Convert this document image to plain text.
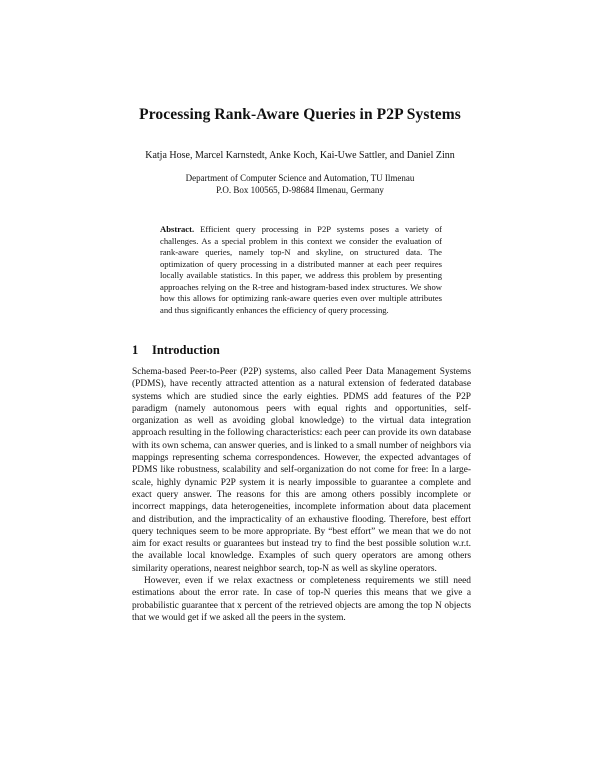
Processing Rank-Aware Queries in P2P Systems
Katja Hose, Marcel Karnstedt, Anke Koch, Kai-Uwe Sattler, and Daniel Zinn
Department of Computer Science and Automation, TU Ilmenau
P.O. Box 100565, D-98684 Ilmenau, Germany
Abstract. Efficient query processing in P2P systems poses a variety of challenges. As a special problem in this context we consider the evaluation of rank-aware queries, namely top-N and skyline, on structured data. The optimization of query processing in a distributed manner at each peer requires locally available statistics. In this paper, we address this problem by presenting approaches relying on the R-tree and histogram-based index structures. We show how this allows for optimizing rank-aware queries even over multiple attributes and thus significantly enhances the efficiency of query processing.
1 Introduction

Schema-based Peer-to-Peer (P2P) systems, also called Peer Data Management Systems (PDMS), have recently attracted attention as a natural extension of federated database systems which are studied since the early eighties. PDMS add features of the P2P paradigm (namely autonomous peers with equal rights and opportunities, self-organization as well as avoiding global knowledge) to the virtual data integration approach resulting in the following characteristics: each peer can provide its own database with its own schema, can answer queries, and is linked to a small number of neighbors via mappings representing schema correspondences. However, the expected advantages of PDMS like robustness, scalability and self-organization do not come for free: In a large-scale, highly dynamic P2P system it is nearly impossible to guarantee a complete and exact query answer. The reasons for this are among others possibly incomplete or incorrect mappings, data heterogeneities, incomplete information about data placement and distribution, and the impracticality of an exhaustive flooding. Therefore, best effort query techniques seem to be more appropriate. By “best effort” we mean that we do not aim for exact results or guarantees but instead try to find the best possible solution w.r.t. the available local knowledge. Examples of such query operators are among others similarity operations, nearest neighbor search, top-N as well as skyline operators.

However, even if we relax exactness or completeness requirements we still need estimations about the error rate. In case of top-N queries this means that we give a probabilistic guarantee that x percent of the retrieved objects are among the top N objects that we would get if we asked all the peers in the system.
